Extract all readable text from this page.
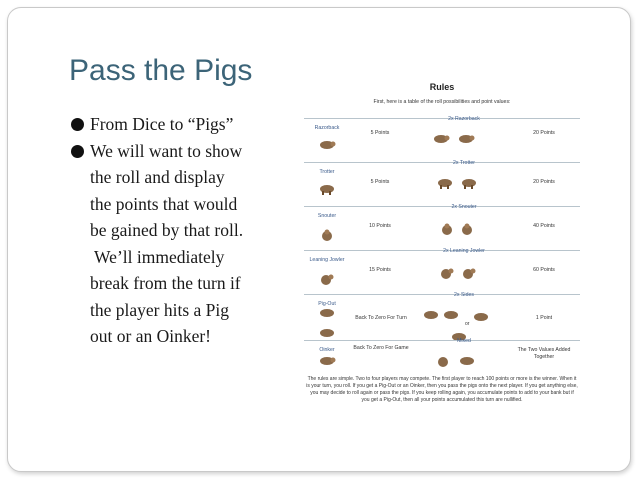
Pass the Pigs
From Dice to “Pigs”
We will want to show
the roll and display
the points that would
be gained by that roll.
We’ll immediately
break from the turn if
the player hits a Pig
out or an Oinker!
Rules
First, here is a table of the roll possibilities and point values:
Razorback
5 Points
2x Razorback
20 Points
Trotter
5 Points
2x Trotter
20 Points
Snouter
10 Points
2x Snouter
40 Points
Leaning Jowler
15 Points
2x Leaning Jowler
60 Points
Pig-Out
Back To Zero For Turn
2x Sides
1 Point
or
Oinker	Back To Zero For Game
Mixed
The Two Values Added Together
The rules are simple. Two to four players may compete. The first player to reach 100 points or more is the winner. When it is your turn, you roll. If you get a Pig-Out or an Oinker, then you pass the pigs onto the next player. If you get anything else, you may decide to roll again or pass the pigs. If you keep rolling again, you accumulate points to add to your bank but if you get a Pig-Out, then all your points accumulated this turn are nullified.
